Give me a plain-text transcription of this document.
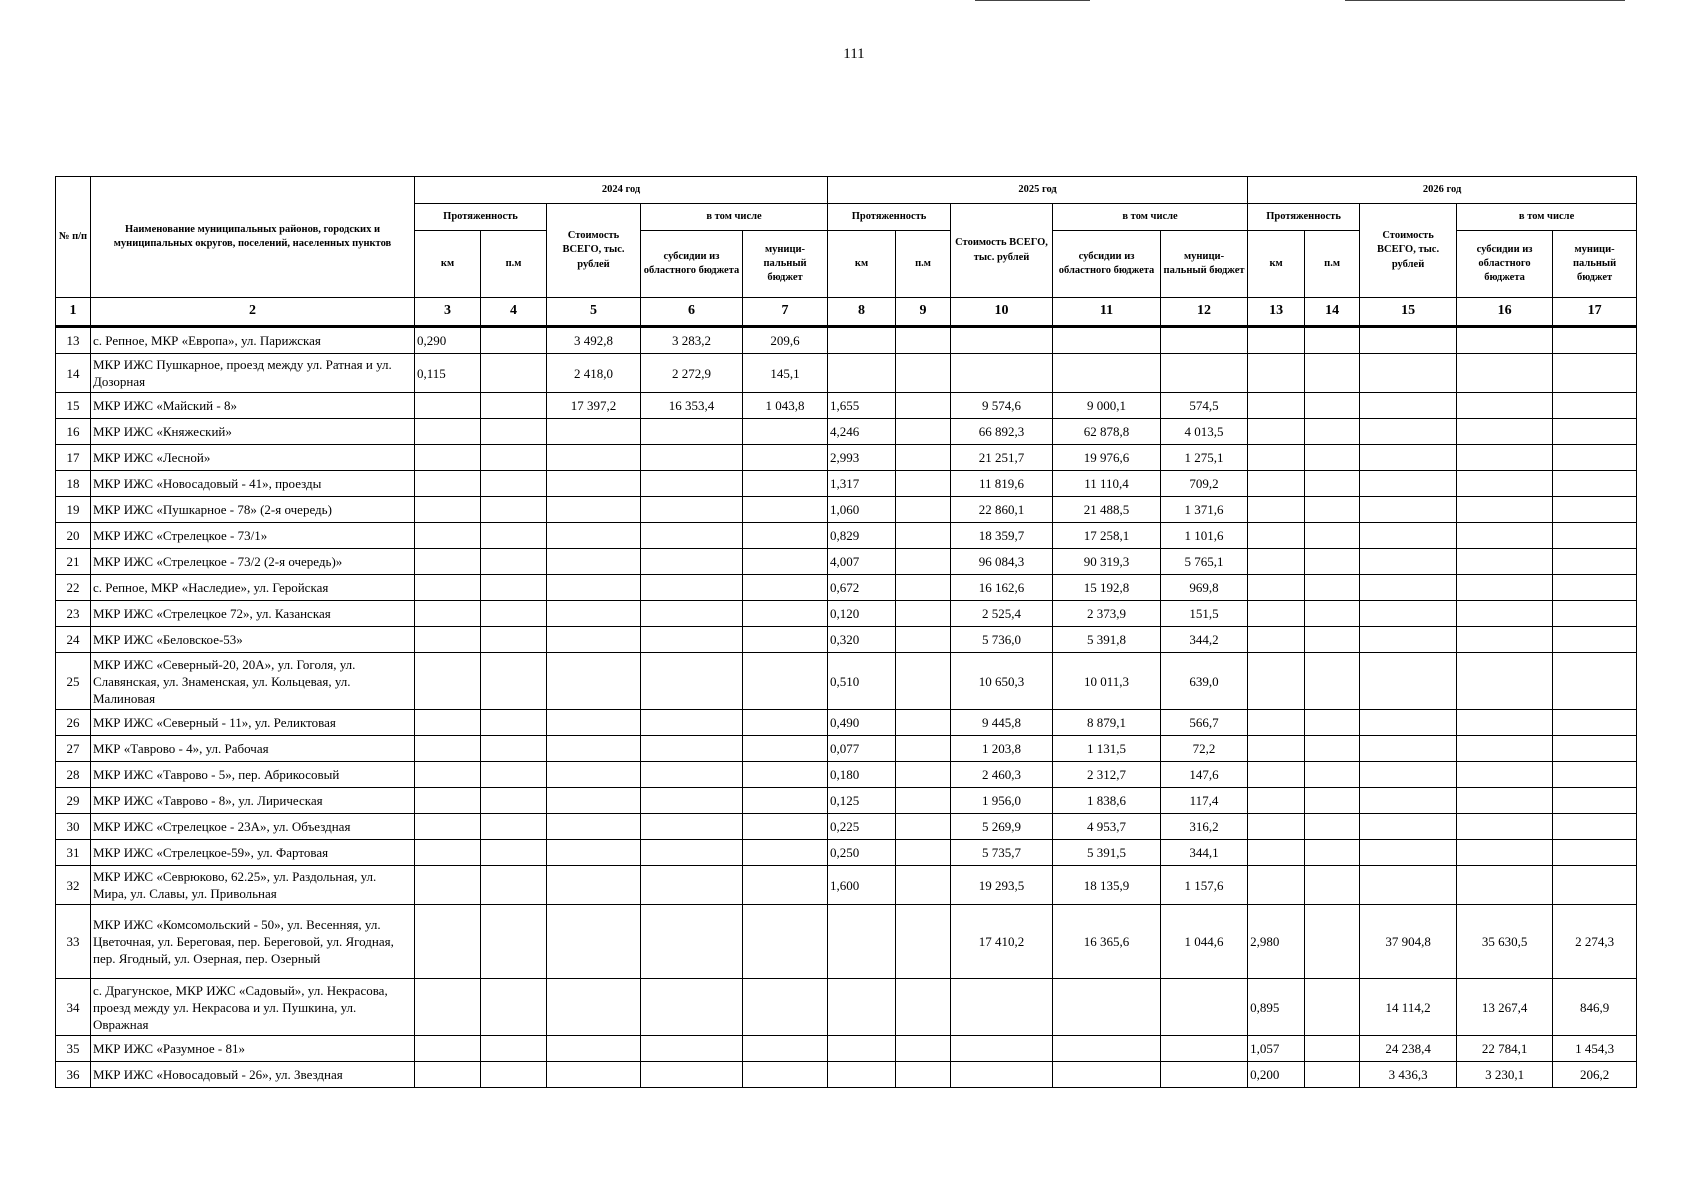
111
№ п/п	Наименование муниципальных районов, городских и муниципальных округов, поселений, населенных пунктов	2024 год					2025 год					2026 год				
		Протяженность		Стоимость ВСЕГО, тыс. рублей	в том числе		Протяженность		Стоимость ВСЕГО, тыс. рублей	в том числе		Протяженность		Стоимость ВСЕГО, тыс. рублей	в том числе	
		км	п.м		субсидии из областного бюджета	муници- пальный бюджет	км	п.м		субсидии из областного бюджета	муници- пальный бюджет	км	п.м		субсидии из областного бюджета	муници- пальный бюджет
1	2	3	4	5	6	7	8	9	10	11	12	13	14	15	16	17
13	с. Репное, МКР «Европа», ул. Парижская	0,290		3 492,8	3 283,2	209,6										
14	МКР ИЖС Пушкарное, проезд между ул. Ратная и ул. Дозорная	0,115		2 418,0	2 272,9	145,1										
15	МКР ИЖС «Майский - 8»			17 397,2	16 353,4	1 043,8	1,655		9 574,6	9 000,1	574,5					
16	МКР ИЖС «Княжеский»						4,246		66 892,3	62 878,8	4 013,5					
17	МКР ИЖС «Лесной»						2,993		21 251,7	19 976,6	1 275,1					
18	МКР ИЖС «Новосадовый - 41», проезды						1,317		11 819,6	11 110,4	709,2					
19	МКР ИЖС «Пушкарное - 78» (2-я очередь)						1,060		22 860,1	21 488,5	1 371,6					
20	МКР ИЖС «Стрелецкое - 73/1»						0,829		18 359,7	17 258,1	1 101,6					
21	МКР ИЖС «Стрелецкое - 73/2 (2-я очередь)»						4,007		96 084,3	90 319,3	5 765,1					
22	с. Репное, МКР «Наследие», ул. Геройская						0,672		16 162,6	15 192,8	969,8					
23	МКР ИЖС «Стрелецкое 72», ул. Казанская						0,120		2 525,4	2 373,9	151,5					
24	МКР ИЖС «Беловское-53»						0,320		5 736,0	5 391,8	344,2					
25	МКР ИЖС «Северный-20, 20А», ул. Гоголя, ул. Славянская, ул. Знаменская, ул. Кольцевая, ул. Малиновая						0,510		10 650,3	10 011,3	639,0					
26	МКР ИЖС «Северный - 11», ул. Реликтовая						0,490		9 445,8	8 879,1	566,7					
27	МКР «Таврово - 4», ул. Рабочая						0,077		1 203,8	1 131,5	72,2					
28	МКР ИЖС «Таврово - 5», пер. Абрикосовый						0,180		2 460,3	2 312,7	147,6					
29	МКР ИЖС «Таврово - 8», ул. Лирическая						0,125		1 956,0	1 838,6	117,4					
30	МКР ИЖС «Стрелецкое - 23А», ул. Объездная						0,225		5 269,9	4 953,7	316,2					
31	МКР ИЖС «Стрелецкое-59», ул. Фартовая						0,250		5 735,7	5 391,5	344,1					
32	МКР ИЖС «Севрюково, 62.25», ул. Раздольная, ул. Мира, ул. Славы, ул. Привольная						1,600		19 293,5	18 135,9	1 157,6					
33	МКР ИЖС «Комсомольский - 50», ул. Весенняя, ул. Цветочная, ул. Береговая, пер. Береговой, ул. Ягодная, пер. Ягодный, ул. Озерная, пер. Озерный								17 410,2	16 365,6	1 044,6	2,980		37 904,8	35 630,5	2 274,3
34	с. Драгунское, МКР ИЖС «Садовый», ул. Некрасова, проезд между ул. Некрасова и ул. Пушкина, ул. Овражная											0,895		14 114,2	13 267,4	846,9
35	МКР ИЖС «Разумное - 81»											1,057		24 238,4	22 784,1	1 454,3
36	МКР ИЖС «Новосадовый - 26», ул. Звездная											0,200		3 436,3	3 230,1	206,2
